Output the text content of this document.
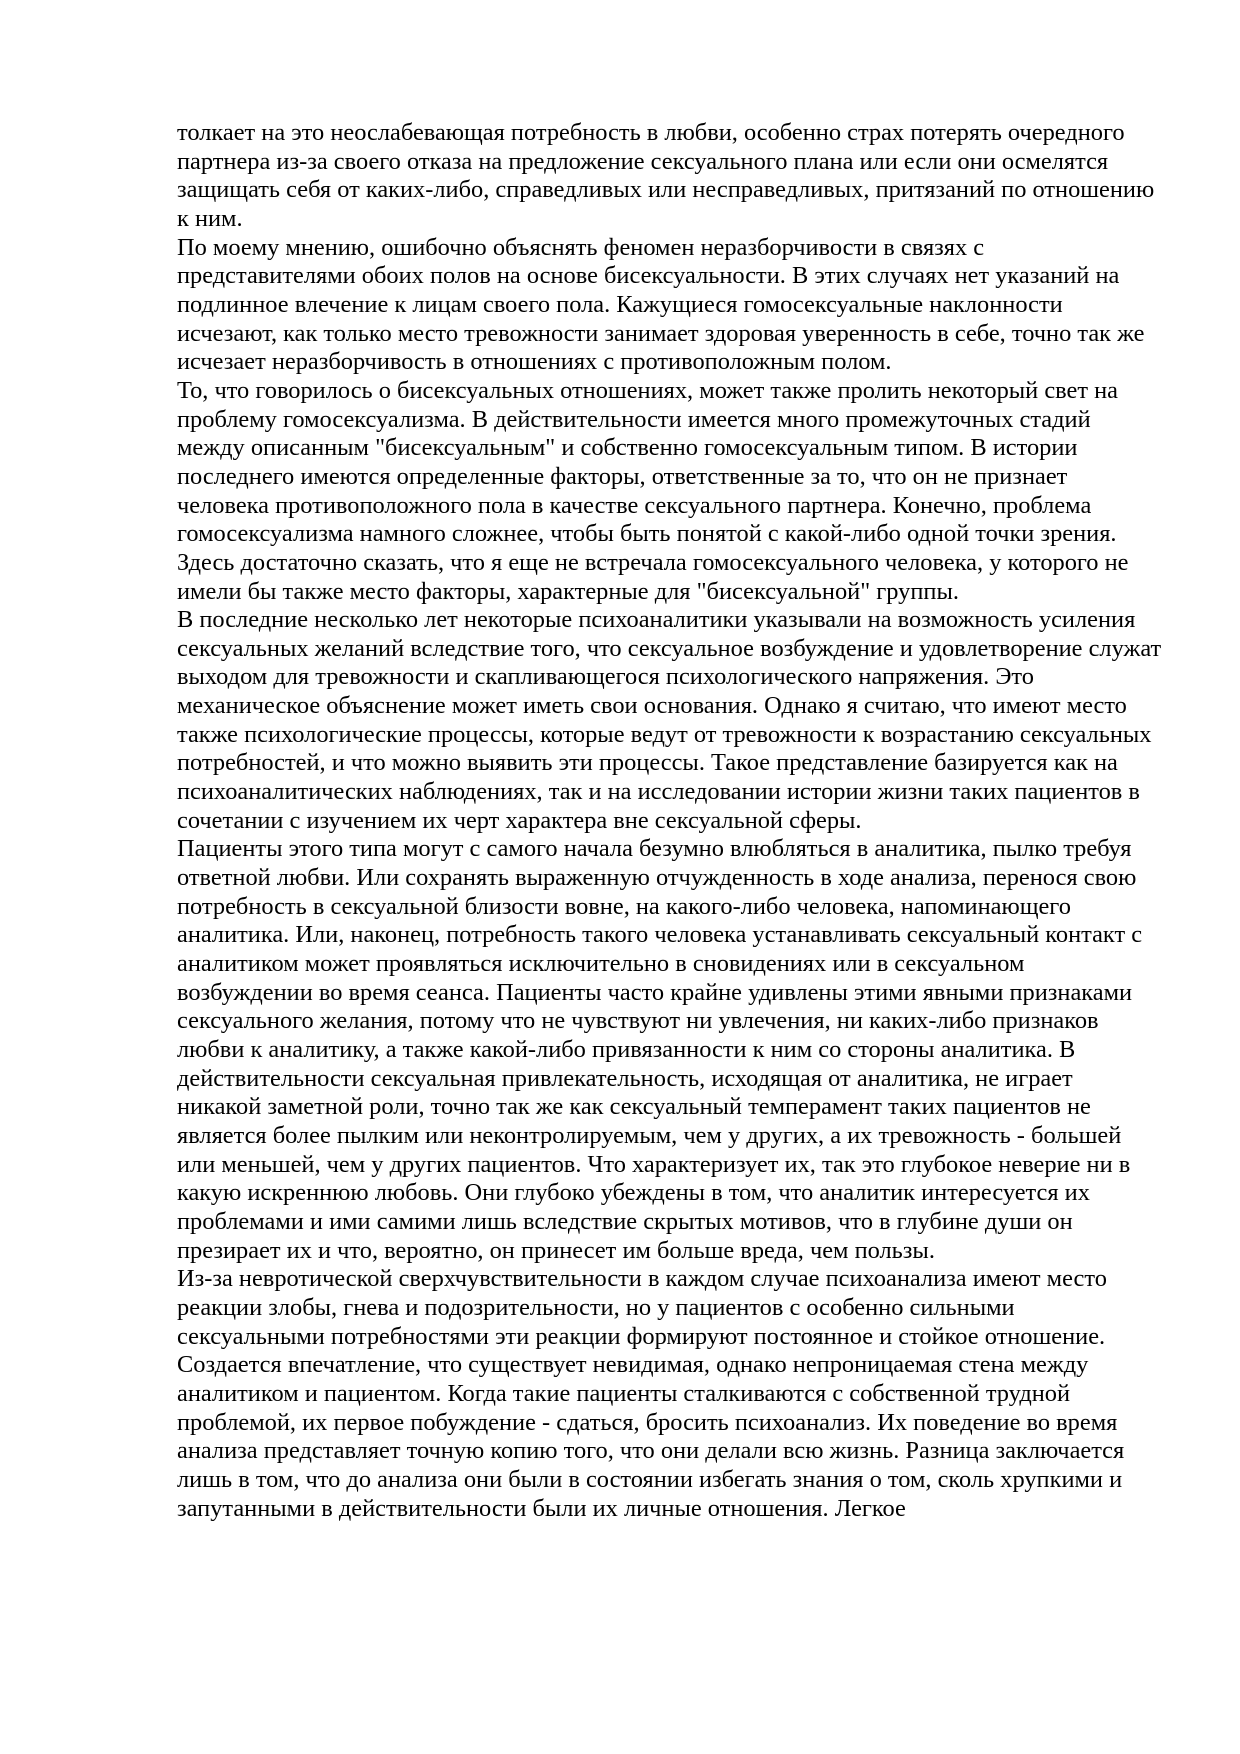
толкает на это неослабевающая потребность в любви, особенно страх потерять очередного партнера из-за своего отказа на предложение сексуального плана или если они осмелятся защищать себя от каких-либо, справедливых или несправедливых, притязаний по отношению к ним.

По моему мнению, ошибочно объяснять феномен неразборчивости в связях с представителями обоих полов на основе бисексуальности. В этих случаях нет указаний на подлинное влечение к лицам своего пола. Кажущиеся гомосексуальные наклонности исчезают, как только место тревожности занимает здоровая уверенность в себе, точно так же исчезает неразборчивость в отношениях с противоположным полом.

То, что говорилось о бисексуальных отношениях, может также пролить некоторый свет на проблему гомосексуализма. В действительности имеется много промежуточных стадий между описанным "бисексуальным" и собственно гомосексуальным типом. В истории последнего имеются определенные факторы, ответственные за то, что он не признает человека противоположного пола в качестве сексуального партнера. Конечно, проблема гомосексуализма намного сложнее, чтобы быть понятой с какой-либо одной точки зрения. Здесь достаточно сказать, что я еще не встречала гомосексуального человека, у которого не имели бы также место факторы, характерные для "бисексуальной" группы.

В последние несколько лет некоторые психоаналитики указывали на возможность усиления сексуальных желаний вследствие того, что сексуальное возбуждение и удовлетворение служат выходом для тревожности и скапливающегося психологического напряжения. Это механическое объяснение может иметь свои основания. Однако я считаю, что имеют место также психологические процессы, которые ведут от тревожности к возрастанию сексуальных потребностей, и что можно выявить эти процессы. Такое представление базируется как на психоаналитических наблюдениях, так и на исследовании истории жизни таких пациентов в сочетании с изучением их черт характера вне сексуальной сферы.

Пациенты этого типа могут с самого начала безумно влюбляться в аналитика, пылко требуя ответной любви. Или сохранять выраженную отчужденность в ходе анализа, перенося свою потребность в сексуальной близости вовне, на какого-либо человека, напоминающего аналитика. Или, наконец, потребность такого человека устанавливать сексуальный контакт с аналитиком может проявляться исключительно в сновидениях или в сексуальном возбуждении во время сеанса. Пациенты часто крайне удивлены этими явными признаками сексуального желания, потому что не чувствуют ни увлечения, ни каких-либо признаков любви к аналитику, а также какой-либо привязанности к ним со стороны аналитика. В действительности сексуальная привлекательность, исходящая от аналитика, не играет никакой заметной роли, точно так же как сексуальный темперамент таких пациентов не является более пылким или неконтролируемым, чем у других, а их тревожность - большей или меньшей, чем у других пациентов. Что характеризует их, так это глубокое неверие ни в какую искреннюю любовь. Они глубоко убеждены в том, что аналитик интересуется их проблемами и ими самими лишь вследствие скрытых мотивов, что в глубине души он презирает их и что, вероятно, он принесет им больше вреда, чем пользы.

Из-за невротической сверхчувствительности в каждом случае психоанализа имеют место реакции злобы, гнева и подозрительности, но у пациентов с особенно сильными сексуальными потребностями эти реакции формируют постоянное и стойкое отношение. Создается впечатление, что существует невидимая, однако непроницаемая стена между аналитиком и пациентом. Когда такие пациенты сталкиваются с собственной трудной проблемой, их первое побуждение - сдаться, бросить психоанализ. Их поведение во время анализа представляет точную копию того, что они делали всю жизнь. Разница заключается лишь в том, что до анализа они были в состоянии избегать знания о том, сколь хрупкими и запутанными в действительности были их личные отношения. Легкое
